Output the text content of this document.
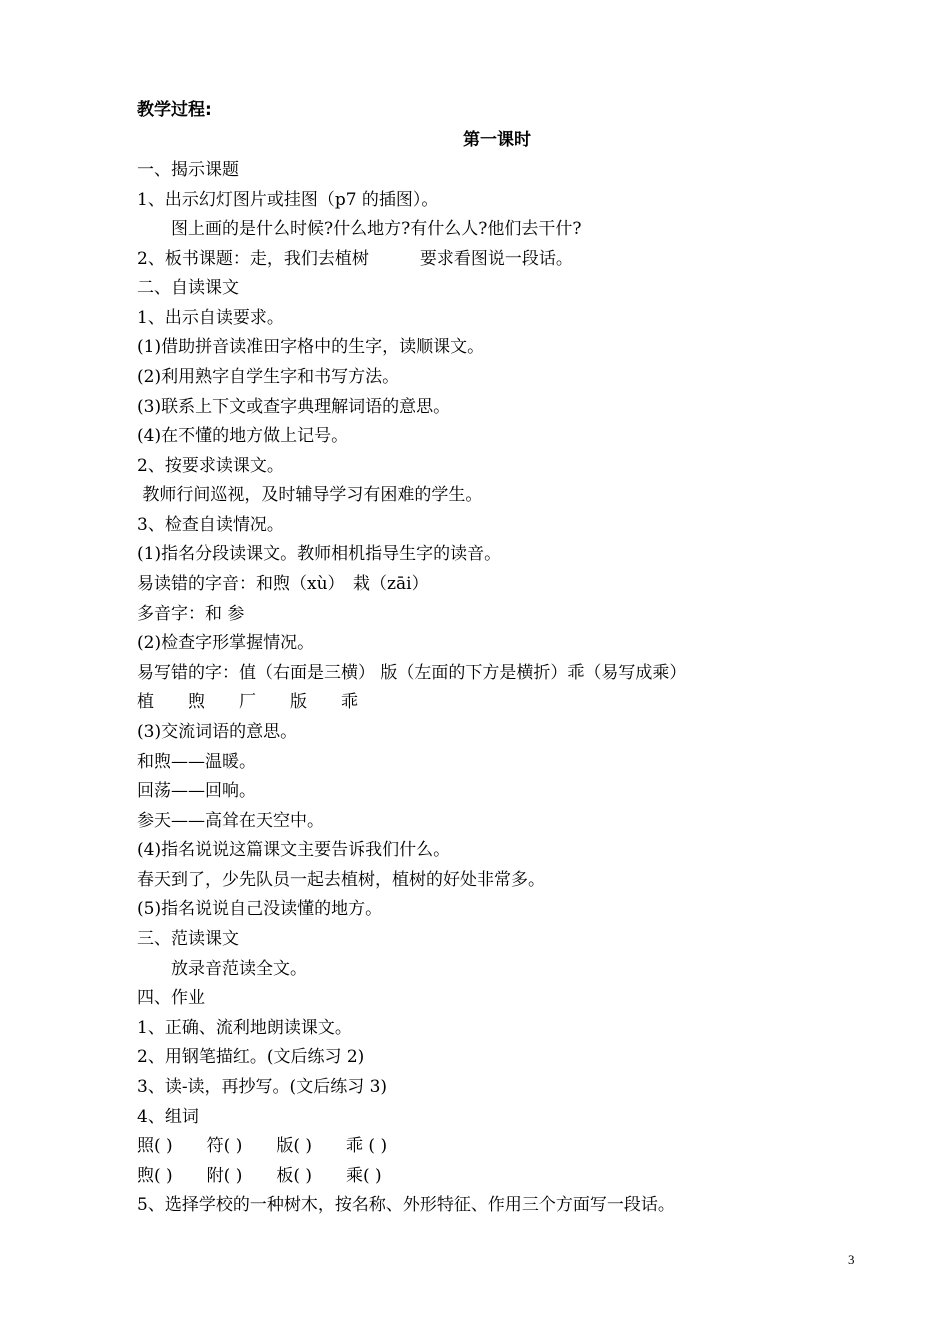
教学过程:
第一课时
一、揭示课题
1、出示幻灯图片或挂图（p7 的插图）。
　　图上画的是什么时候?什么地方?有什么人?他们去干什?
2、板书课题：走，我们去植树　　　要求看图说一段话。
二、自读课文
1、出示自读要求。
(1)借助拼音读准田字格中的生字，读顺课文。
(2)利用熟字自学生字和书写方法。
(3)联系上下文或查字典理解词语的意思。
(4)在不懂的地方做上记号。
2、按要求读课文。
教师行间巡视，及时辅导学习有困难的学生。
3、检查自读情况。
(1)指名分段读课文。教师相机指导生字的读音。
易读错的字音：和煦（xù）　栽（zāi）
多音字：和 参
(2)检查字形掌握情况。
易写错的字：值（右面是三横） 版（左面的下方是横折）乖（易写成乘）
植　　煦　　厂　　版　　乖
(3)交流词语的意思。
和煦——温暖。
回荡——回响。
参天——高耸在天空中。
(4)指名说说这篇课文主要告诉我们什么。
春天到了，少先队员一起去植树，植树的好处非常多。
(5)指名说说自己没读懂的地方。
三、范读课文
　　放录音范读全文。
四、作业
1、正确、流利地朗读课文。
2、用钢笔描红。(文后练习 2)
3、读-读，再抄写。(文后练习 3)
4、组词
照( )　　符( )　　版( )　　乖 ( )
煦( )　　附( )　　板( )　　乘( )
5、选择学校的一种树木，按名称、外形特征、作用三个方面写一段话。
3
